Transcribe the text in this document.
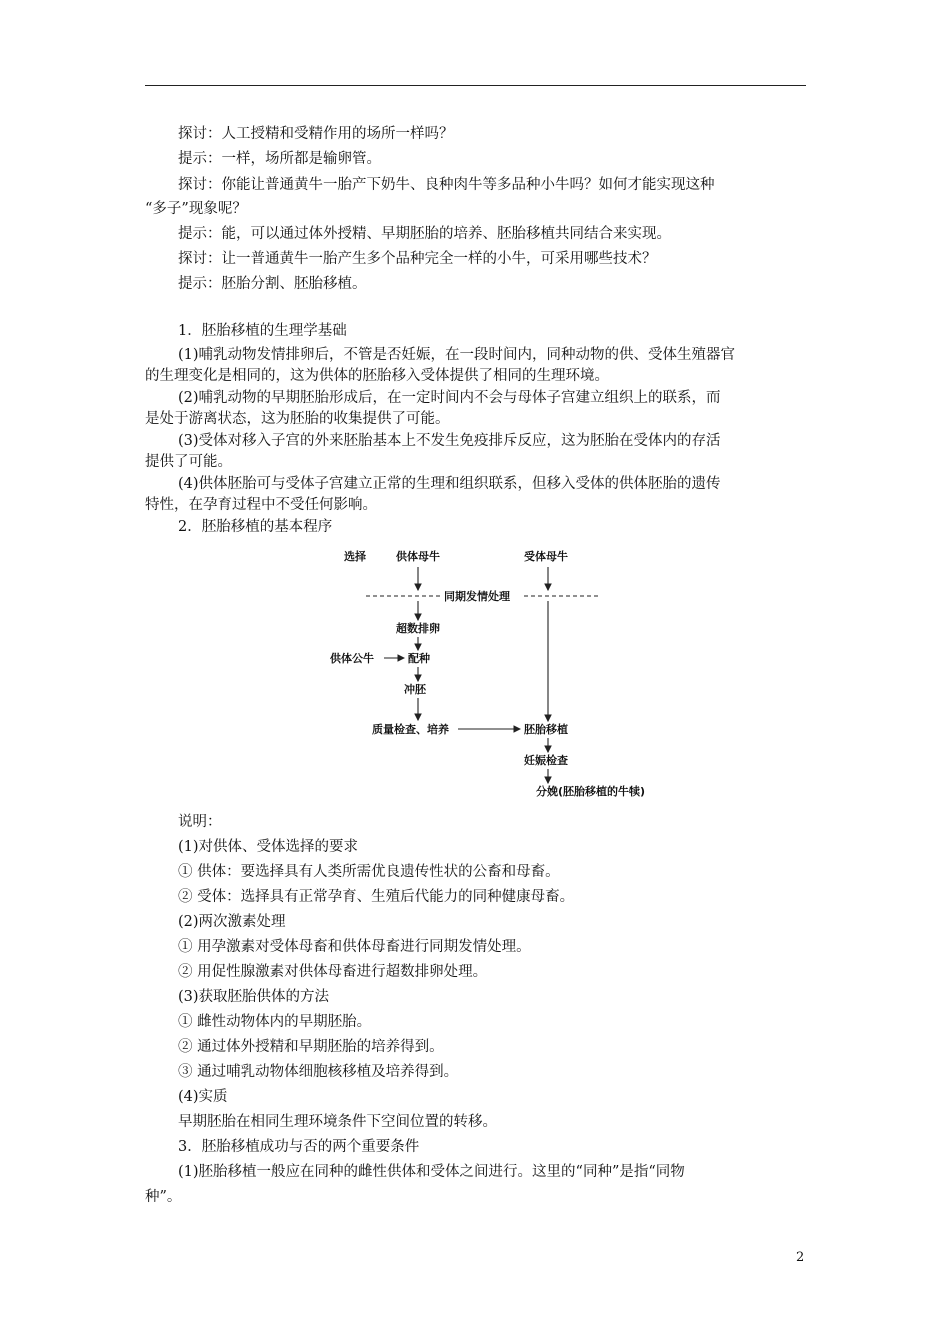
探讨：人工授精和受精作用的场所一样吗？
提示：一样，场所都是输卵管。
探讨：你能让普通黄牛一胎产下奶牛、良种肉牛等多品种小牛吗？如何才能实现这种
“多子”现象呢？
提示：能，可以通过体外授精、早期胚胎的培养、胚胎移植共同结合来实现。
探讨：让一普通黄牛一胎产生多个品种完全一样的小牛，可采用哪些技术？
提示：胚胎分割、胚胎移植。
1．胚胎移植的生理学基础
(1)哺乳动物发情排卵后，不管是否妊娠，在一段时间内，同种动物的供、受体生殖器官
的生理变化是相同的，这为供体的胚胎移入受体提供了相同的生理环境。
(2)哺乳动物的早期胚胎形成后，在一定时间内不会与母体子宫建立组织上的联系，而
是处于游离状态，这为胚胎的收集提供了可能。
(3)受体对移入子宫的外来胚胎基本上不发生免疫排斥反应，这为胚胎在受体内的存活
提供了可能。
(4)供体胚胎可与受体子宫建立正常的生理和组织联系，但移入受体的供体胚胎的遗传
特性，在孕育过程中不受任何影响。
2．胚胎移植的基本程序
选择	供体母牛	受体母牛
同期发情处理
超数排卵
供体公牛	配种
冲胚
质量检查、培养	胚胎移植
妊娠检查
分娩(胚胎移植的牛犊)
说明：
(1)对供体、受体选择的要求
① 供体：要选择具有人类所需优良遗传性状的公畜和母畜。
② 受体：选择具有正常孕育、生殖后代能力的同种健康母畜。
(2)两次激素处理
① 用孕激素对受体母畜和供体母畜进行同期发情处理。
② 用促性腺激素对供体母畜进行超数排卵处理。
(3)获取胚胎供体的方法
① 雌性动物体内的早期胚胎。
② 通过体外授精和早期胚胎的培养得到。
③ 通过哺乳动物体细胞核移植及培养得到。
(4)实质
早期胚胎在相同生理环境条件下空间位置的转移。
3．胚胎移植成功与否的两个重要条件
(1)胚胎移植一般应在同种的雌性供体和受体之间进行。这里的“同种”是指“同物
种”。
2
